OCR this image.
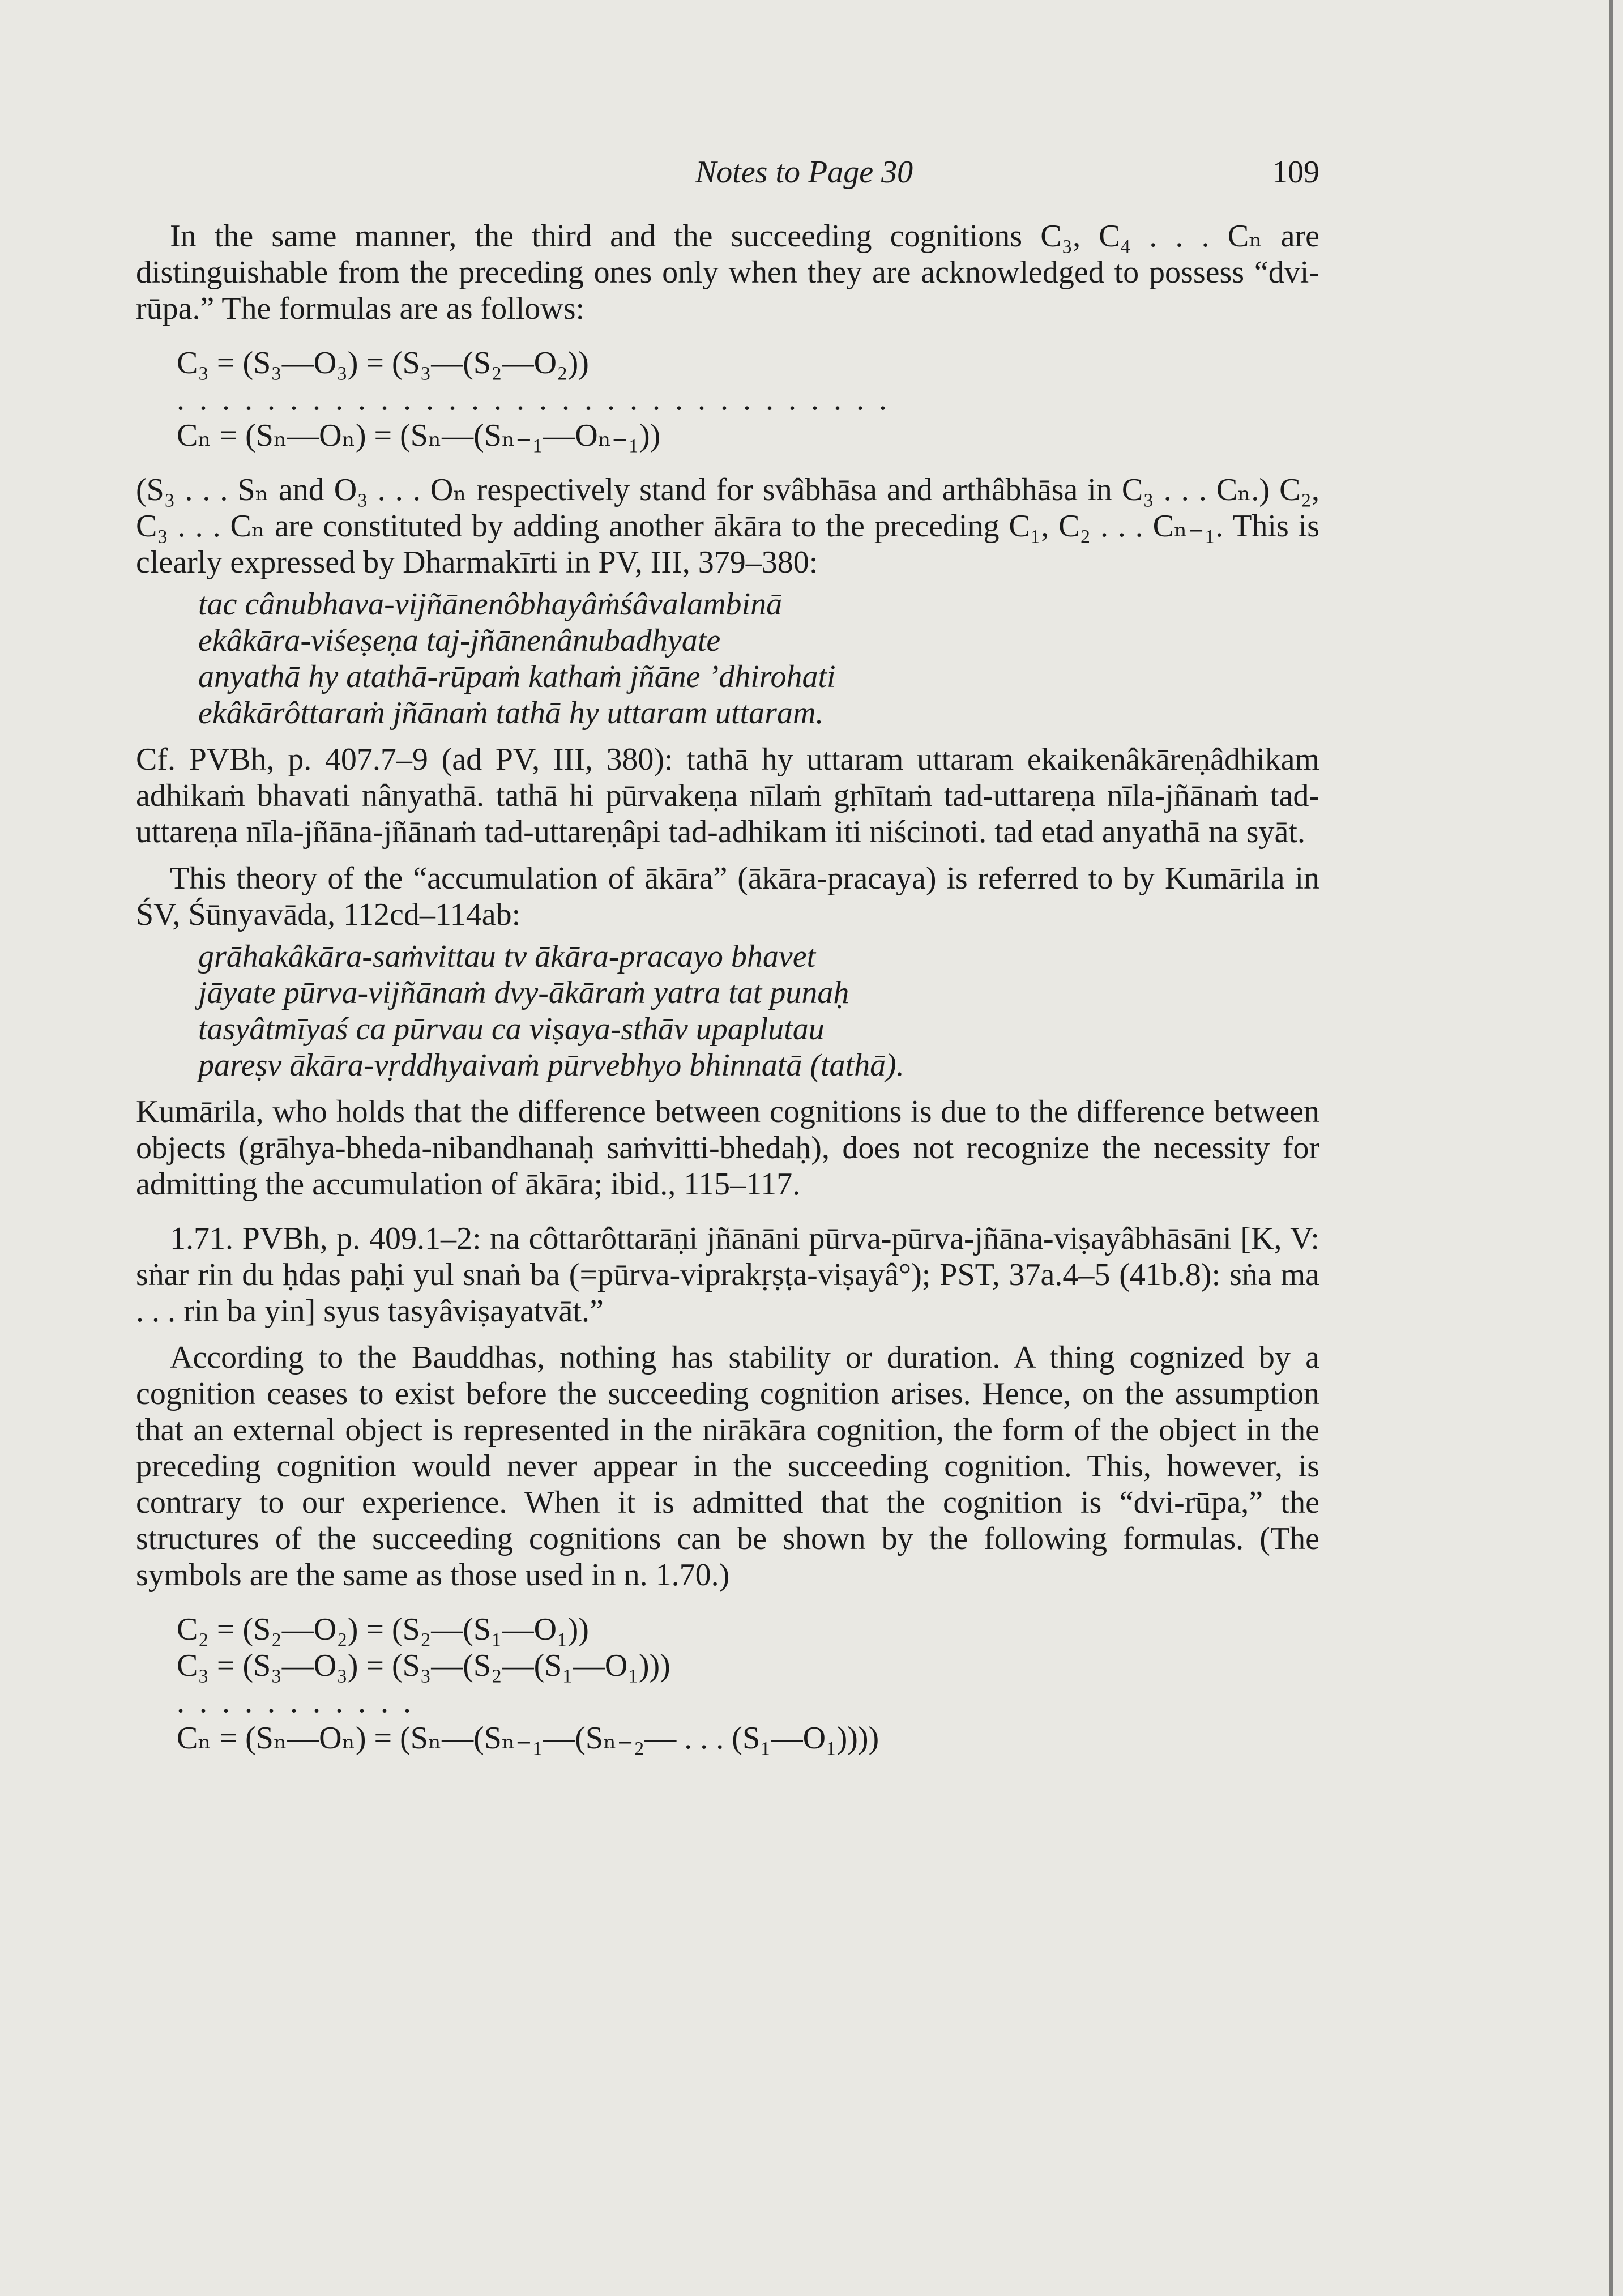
Notes to Page 30	109

In the same manner, the third and the succeeding cognitions C₃, C₄ . . . Cₙ are distinguishable from the preceding ones only when they are acknowledged to possess “dvi-rūpa.” The formulas are as follows:

C₃ = (S₃—O₃) = (S₃—(S₂—O₂))
. . . . . . . . . . . . . . . . . . . . . . . . . . . . . . . .
Cₙ = (Sₙ—Oₙ) = (Sₙ—(Sₙ₋₁—Oₙ₋₁))

(S₃ . . . Sₙ and O₃ . . . Oₙ respectively stand for svâbhāsa and arthâbhāsa in C₃ . . . Cₙ.) C₂, C₃ . . . Cₙ are constituted by adding another ākāra to the preceding C₁, C₂ . . . Cₙ₋₁. This is clearly expressed by Dharmakīrti in PV, III, 379–380:

tac cânubhava-vijñānenôbhayâṁśâvalambinā
ekâkāra-viśeṣeṇa taj-jñānenânubadhyate
anyathā hy atathā-rūpaṁ kathaṁ jñāne ’dhirohati
ekâkārôttaraṁ jñānaṁ tathā hy uttaram uttaram.

Cf. PVBh, p. 407.7–9 (ad PV, III, 380): tathā hy uttaram uttaram ekaikenâkāreṇâdhikam adhikaṁ bhavati nânyathā. tathā hi pūrvakeṇa nīlaṁ gṛhītaṁ tad-uttareṇa nīla-jñānaṁ tad-uttareṇa nīla-jñāna-jñānaṁ tad-uttareṇâpi tad-adhikam iti niścinoti. tad etad anyathā na syāt.

This theory of the “accumulation of ākāra” (ākāra-pracaya) is referred to by Kumārila in ŚV, Śūnyavāda, 112cd–114ab:

grāhakâkāra-saṁvittau tv ākāra-pracayo bhavet
jāyate pūrva-vijñānaṁ dvy-ākāraṁ yatra tat punaḥ
tasyâtmīyaś ca pūrvau ca viṣaya-sthāv upaplutau
pareṣv ākāra-vṛddhyaivaṁ pūrvebhyo bhinnatā (tathā).

Kumārila, who holds that the difference between cognitions is due to the difference between objects (grāhya-bheda-nibandhanaḥ saṁvitti-bhedaḥ), does not recognize the necessity for admitting the accumulation of ākāra; ibid., 115–117.

1.71. PVBh, p. 409.1–2: na côttarôttarāṇi jñānāni pūrva-pūrva-jñāna-viṣayâbhāsāni [K, V: sṅar rin du ḥdas paḥi yul snaṅ ba (=pūrva-viprakṛṣṭa-viṣayâ°); PST, 37a.4–5 (41b.8): sṅa ma . . . rin ba yin] syus tasyâviṣayatvāt.”

According to the Bauddhas, nothing has stability or duration. A thing cognized by a cognition ceases to exist before the succeeding cognition arises. Hence, on the assumption that an external object is represented in the nirākāra cognition, the form of the object in the preceding cognition would never appear in the succeeding cognition. This, however, is contrary to our experience. When it is admitted that the cognition is “dvi-rūpa,” the structures of the succeeding cognitions can be shown by the following formulas. (The symbols are the same as those used in n. 1.70.)

C₂ = (S₂—O₂) = (S₂—(S₁—O₁))
C₃ = (S₃—O₃) = (S₃—(S₂—(S₁—O₁)))
. . . . . . . . . . .
Cₙ = (Sₙ—Oₙ) = (Sₙ—(Sₙ₋₁—(Sₙ₋₂— . . . (S₁—O₁))))
